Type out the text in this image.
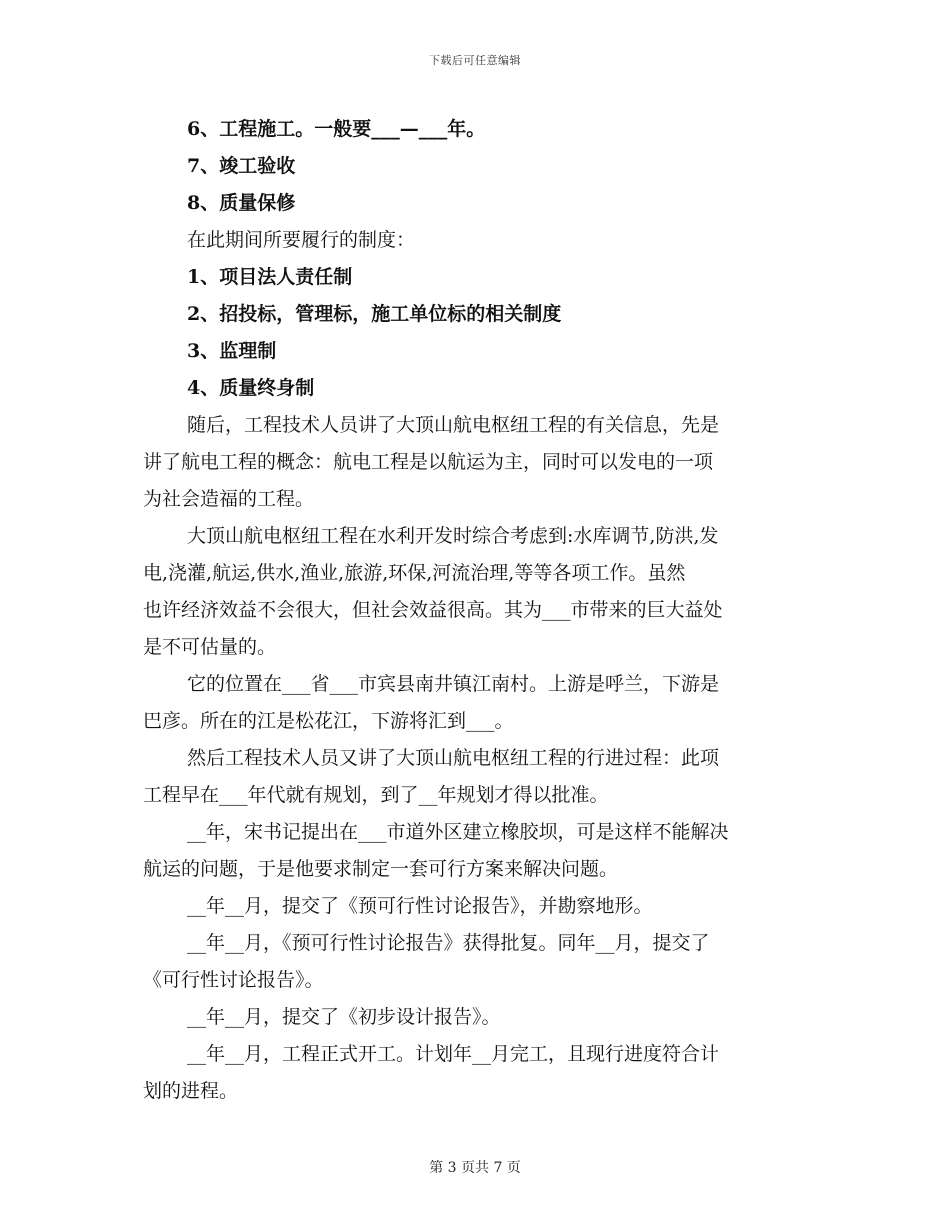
下载后可任意编辑

6、工程施工。一般要___—___年。

7、竣工验收

8、质量保修

在此期间所要履行的制度：

1、项目法人责任制

2、招投标，管理标，施工单位标的相关制度

3、监理制

4、质量终身制

随后，工程技术人员讲了大顶山航电枢纽工程的有关信息，先是

讲了航电工程的概念：航电工程是以航运为主，同时可以发电的一项

为社会造福的工程。

大顶山航电枢纽工程在水利开发时综合考虑到:水库调节,防洪,发

电,浇灌,航运,供水,渔业,旅游,环保,河流治理,等等各项工作。虽然

也许经济效益不会很大，但社会效益很高。其为___市带来的巨大益处

是不可估量的。

它的位置在___省___市宾县南井镇江南村。上游是呼兰，下游是

巴彦。所在的江是松花江，下游将汇到___。

然后工程技术人员又讲了大顶山航电枢纽工程的行进过程：此项

工程早在___年代就有规划，到了__年规划才得以批准。

__年，宋书记提出在___市道外区建立橡胶坝，可是这样不能解决

航运的问题，于是他要求制定一套可行方案来解决问题。

__年__月，提交了《预可行性讨论报告》，并勘察地形。

__年__月，《预可行性讨论报告》获得批复。同年__月，提交了

《可行性讨论报告》。

__年__月，提交了《初步设计报告》。

__年__月，工程正式开工。计划年__月完工，且现行进度符合计

划的进程。

第 3 页共 7 页
